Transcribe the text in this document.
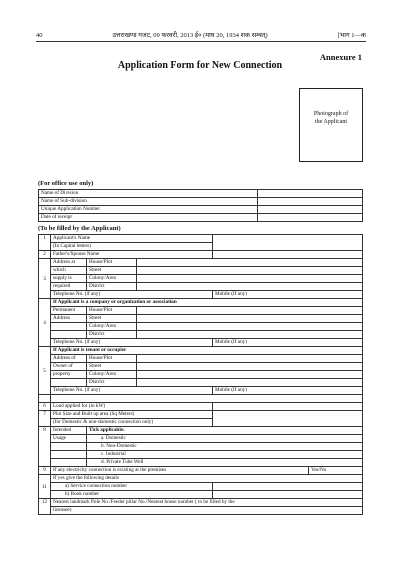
40	उत्तराखण्ड गजट, 09 फरवरी, 2013 ई० (माघ 20, 1934 शक सम्वत्)	[भाग 1—क
Annexure 1
Application Form for New Connection
Photograph of
the Applicant
(For office use only)
Name of Division	
Name of Sub-division	
Unique Application Number	
Date of receipt	
(To be filled by the Applicant)
1	Applicant's Name				
	(In Capital letters)				
2	Father's/Spouse Name				
3	Address at	House/Plot			
	which	Street			
	supply is	Colony/Area			
	required	District			
	Telephone No. (if any)			Mobile (If any)	
4	If Applicant is a company or organization or association				
	Permanent	House/Plot			
	Address	Street			
		Colony/Area			
		District			
	Telephone No. (if any)			Mobile (If any)	
5	If Applicant is tenant or occupier				
	Address of	House/Plot			
	Owner of	Street			
	property	Colony/Area			
		District			
	Telephone No. (if any)			Mobile (If any)	

6	Load applied for (in kW)				
7	Plot Size and Built up area (Sq Meters)				
	(for Domestic & non-domestic connection only)				
8	Intended	Tick applicable:			
	Usage	a. Domestic			
		b. Non-Domestic			
		c. Industrial			
		d. Private Tube Well			
9	If any electricity connection is existing at the premises				Yes/No
11	If yes give the following details				
	a) Service connection number				
	b) Book number				
12	Nearest landmark Pole No./Feeder pillar No./Nearest house number ( to be filled by the				
	licensee)				
